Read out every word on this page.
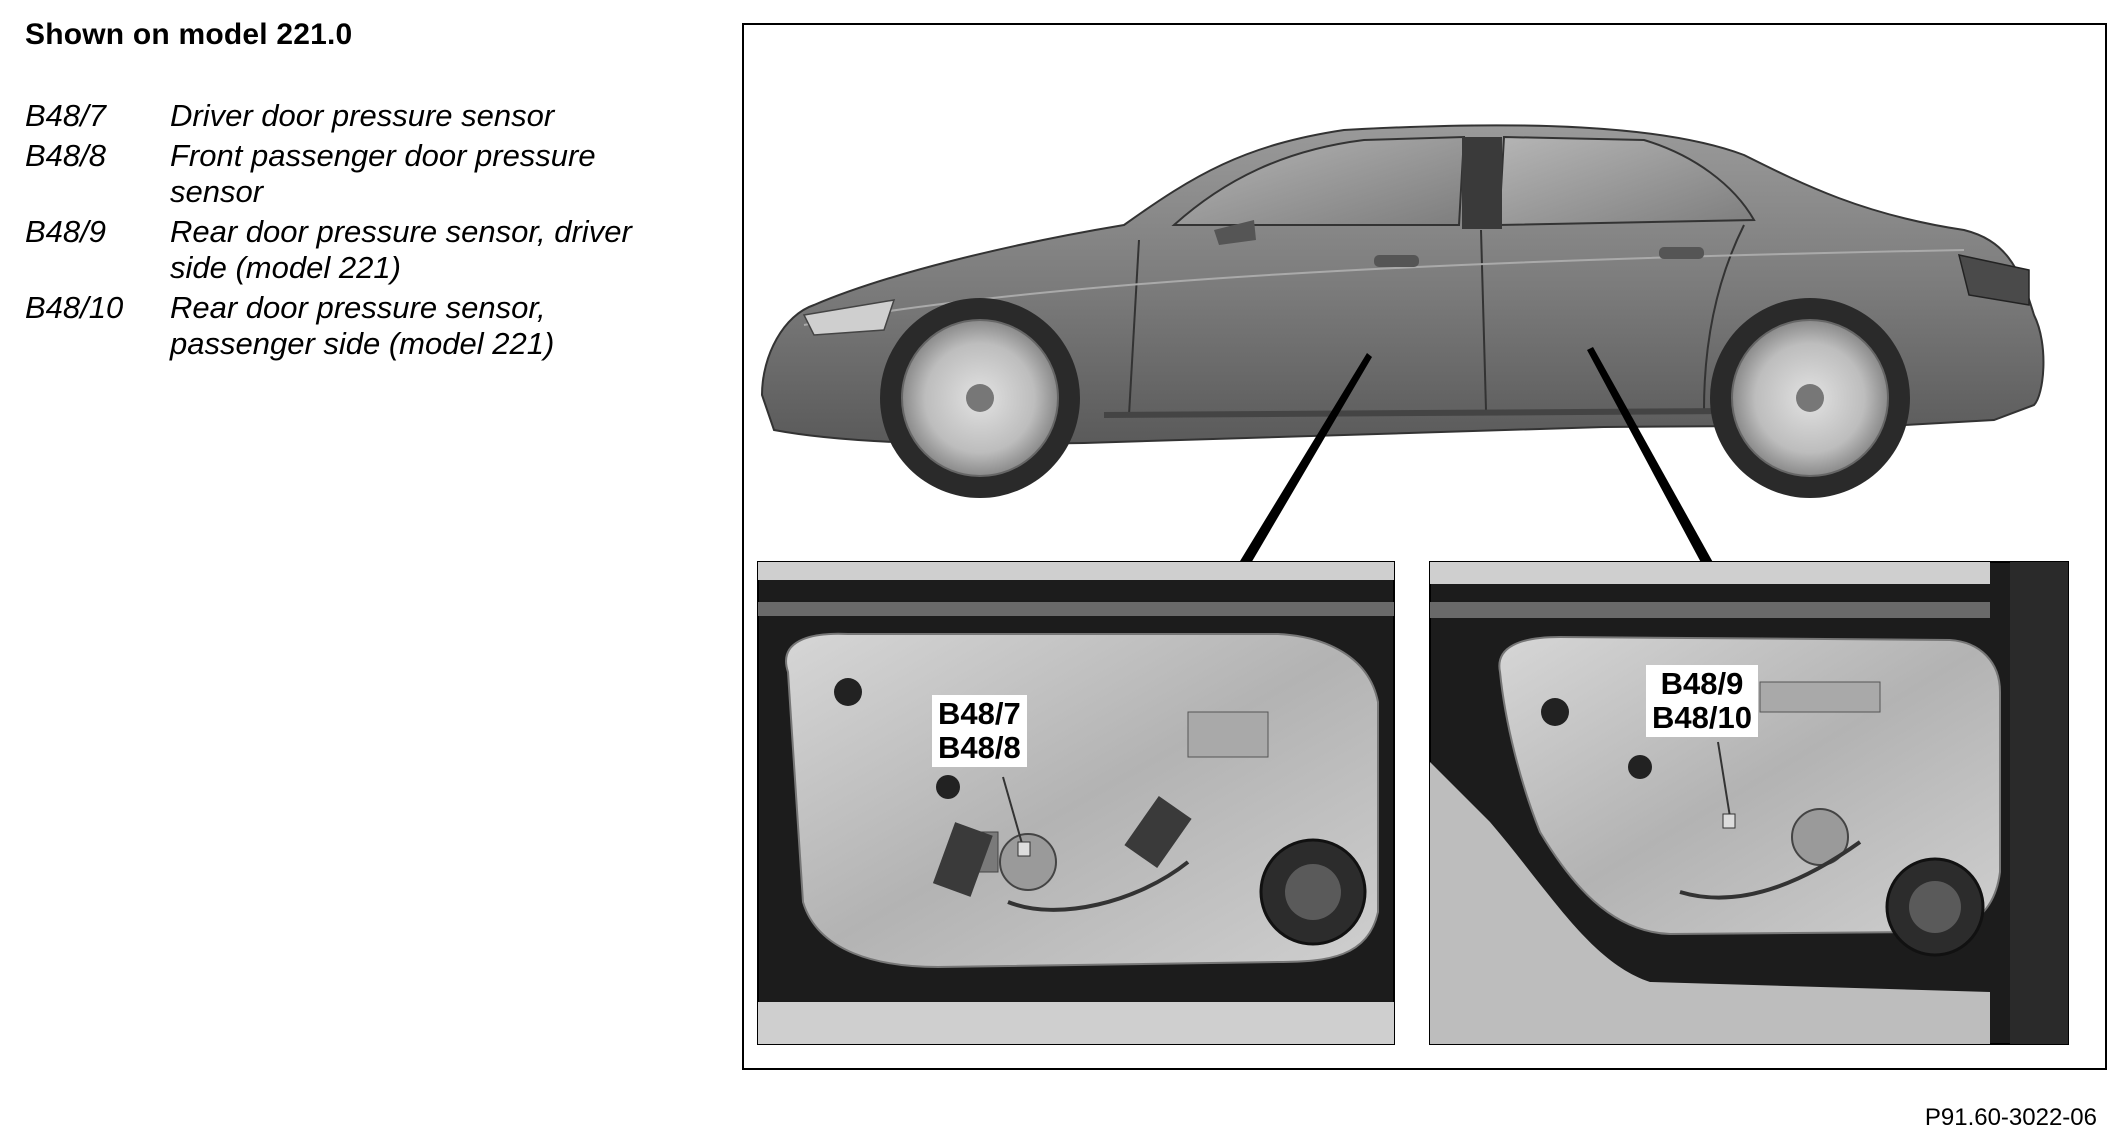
Shown on model 221.0
B48/7	Driver door pressure sensor
B48/8	Front passenger door pressure sensor
B48/9	Rear door pressure sensor, driver side (model 221)
B48/10	Rear door pressure sensor, passenger side (model 221)
B48/7
B48/8
B48/9
B48/10
P91.60-3022-06
